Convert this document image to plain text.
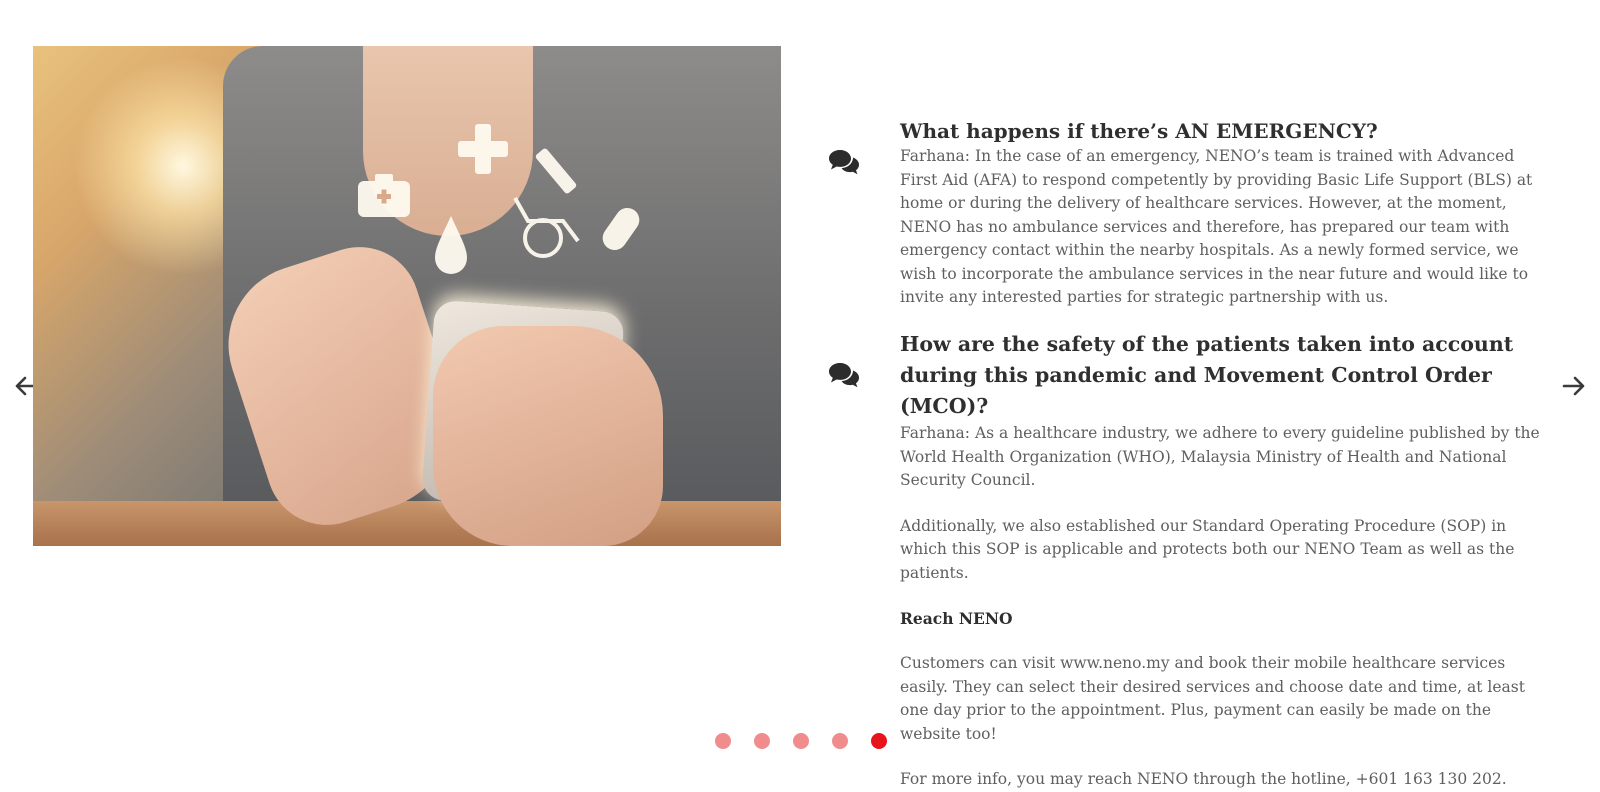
What happens if there’s AN EMERGENCY?

Farhana: In the case of an emergency, NENO’s team is trained with Advanced First Aid (AFA) to respond competently by providing Basic Life Support (BLS) at home or during the delivery of healthcare services. However, at the moment, NENO has no ambulance services and therefore, has prepared our team with emergency contact within the nearby hospitals. As a newly formed service, we wish to incorporate the ambulance services in the near future and would like to invite any interested parties for strategic partnership with us.

How are the safety of the patients taken into account during this pandemic and Movement Control Order (MCO)?

Farhana: As a healthcare industry, we adhere to every guideline published by the World Health Organization (WHO), Malaysia Ministry of Health and National Security Council.

Additionally, we also established our Standard Operating Procedure (SOP) in which this SOP is applicable and protects both our NENO Team as well as the patients.

Reach NENO

Customers can visit www.neno.my and book their mobile healthcare services easily. They can select their desired services and choose date and time, at least one day prior to the appointment. Plus, payment can easily be made on the website too!

For more info, you may reach NENO through the hotline, +601 163 130 202.
